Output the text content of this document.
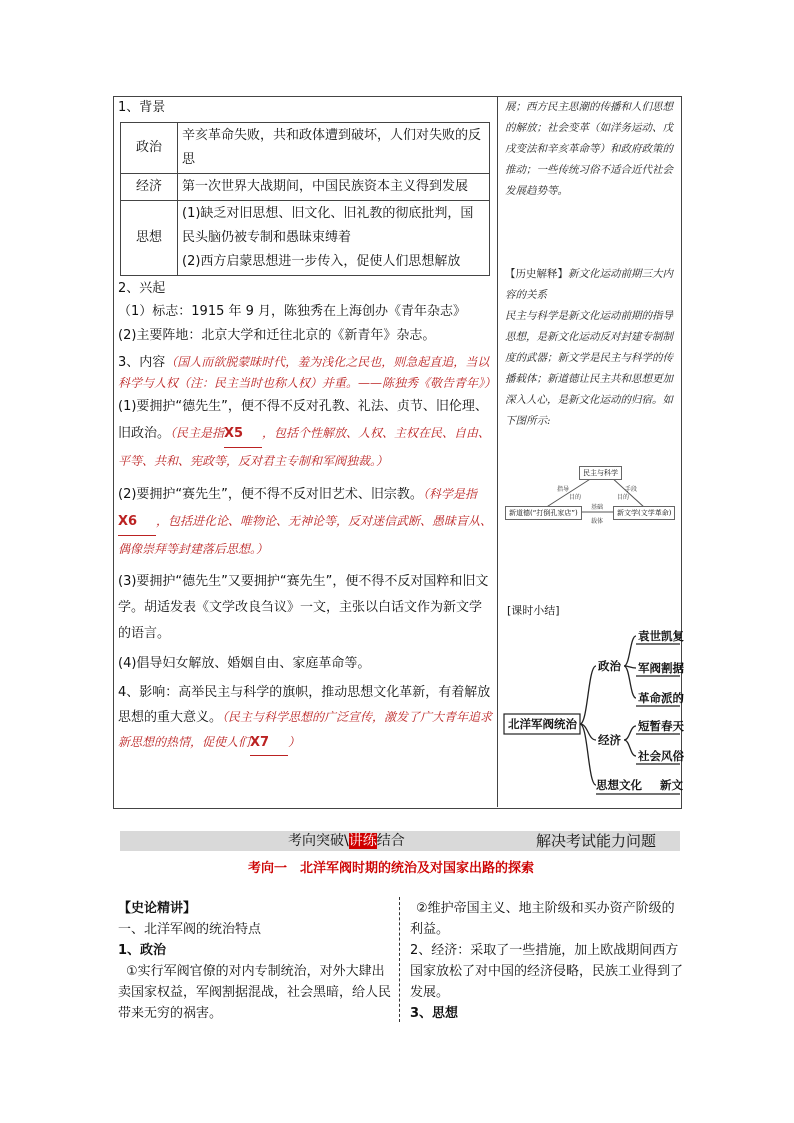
1、背景
政治	辛亥革命失败，共和政体遭到破坏，人们对失败的反思
经济	第一次世界大战期间，中国民族资本主义得到发展
思想	(1)缺乏对旧思想、旧文化、旧礼教的彻底批判，国民头脑仍被专制和愚昧束缚着
(2)西方启蒙思想进一步传入，促使人们思想解放
2、兴起

（1）标志：1915 年 9 月，陈独秀在上海创办《青年杂志》

(2)主要阵地：北京大学和迁往北京的《新青年》杂志。

3、内容（国人而欲脱蒙昧时代，羞为浅化之民也，则急起直追，当以科学与人权（注：民主当时也称人权）并重。——陈独秀《敬告青年》）

(1)要拥护“德先生”，便不得不反对孔教、礼法、贞节、旧伦理、旧政治。（民主是指X5 ，包括个性解放、人权、主权在民、自由、平等、共和、宪政等，反对君主专制和军阀独裁。）

(2)要拥护“赛先生”，便不得不反对旧艺术、旧宗教。（科学是指X6 ，包括进化论、唯物论、无神论等，反对迷信武断、愚昧盲从、偶像崇拜等封建落后思想。）

(3)要拥护“德先生”又要拥护“赛先生”，便不得不反对国粹和旧文学。胡适发表《文学改良刍议》一文，主张以白话文作为新文学的语言。

(4)倡导妇女解放、婚姻自由、家庭革命等。

4、影响：高举民主与科学的旗帜，推动思想文化革新，有着解放思想的重大意义。（民主与科学思想的广泛宣传，激发了广大青年追求新思想的热情，促使人们X7 ）

展；西方民主思潮的传播和人们思想的解放；社会变革（如洋务运动、戊戌变法和辛亥革命等）和政府政策的推动；一些传统习俗不适合近代社会发展趋势等。
【历史解释】新文化运动前期三大内容的关系
民主与科学是新文化运动前期的指导思想，是新文化运动反对封建专制制度的武器；新文学是民主与科学的传播载体；新道德让民主共和思想更加深入人心，是新文化运动的归宿。如下图所示:
民主与科学
新道德(“打倒孔家店”)	新文学(文学革命)
指导
目的
手段
目的
基础
载体
[课时小结]
北洋军阀统治
政治
袁世凯复
军阀割据
革命派的
经济
短暂春天
社会风俗
思想文化 新文
考向突破\讲练结合	解决考试能力问题
考向一　北洋军阀时期的统治及对国家出路的探索
【史论精讲】
一、北洋军阀的统治特点
1、政治
①实行军阀官僚的对内专制统治，对外大肆出卖国家权益，军阀割据混战，社会黑暗，给人民带来无穷的祸害。
②维护帝国主义、地主阶级和买办资产阶级的利益。
2、经济：采取了一些措施，加上欧战期间西方国家放松了对中国的经济侵略，民族工业得到了发展。
3、思想
